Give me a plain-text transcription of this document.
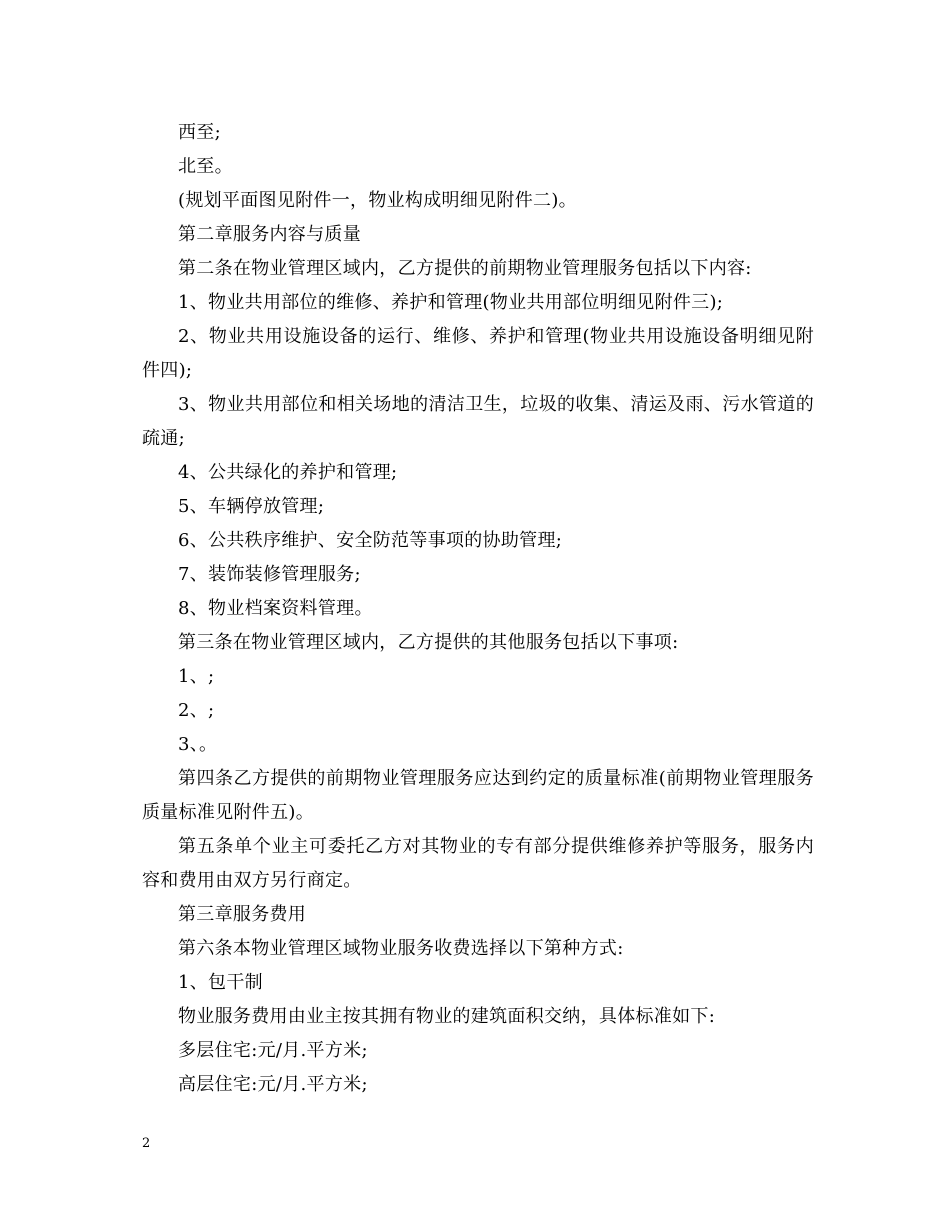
西至;

北至。

(规划平面图见附件一，物业构成明细见附件二)。

第二章服务内容与质量

第二条在物业管理区域内，乙方提供的前期物业管理服务包括以下内容:

1、物业共用部位的维修、养护和管理(物业共用部位明细见附件三);

2、物业共用设施设备的运行、维修、养护和管理(物业共用设施设备明细见附件四);

3、物业共用部位和相关场地的清洁卫生，垃圾的收集、清运及雨、污水管道的疏通;

4、公共绿化的养护和管理;

5、车辆停放管理;

6、公共秩序维护、安全防范等事项的协助管理;

7、装饰装修管理服务;

8、物业档案资料管理。

第三条在物业管理区域内，乙方提供的其他服务包括以下事项:

1、;

2、;

3、。

第四条乙方提供的前期物业管理服务应达到约定的质量标准(前期物业管理服务质量标准见附件五)。

第五条单个业主可委托乙方对其物业的专有部分提供维修养护等服务，服务内容和费用由双方另行商定。

第三章服务费用

第六条本物业管理区域物业服务收费选择以下第种方式:

1、包干制

物业服务费用由业主按其拥有物业的建筑面积交纳，具体标准如下:

多层住宅:元/月.平方米;

高层住宅:元/月.平方米;

2
